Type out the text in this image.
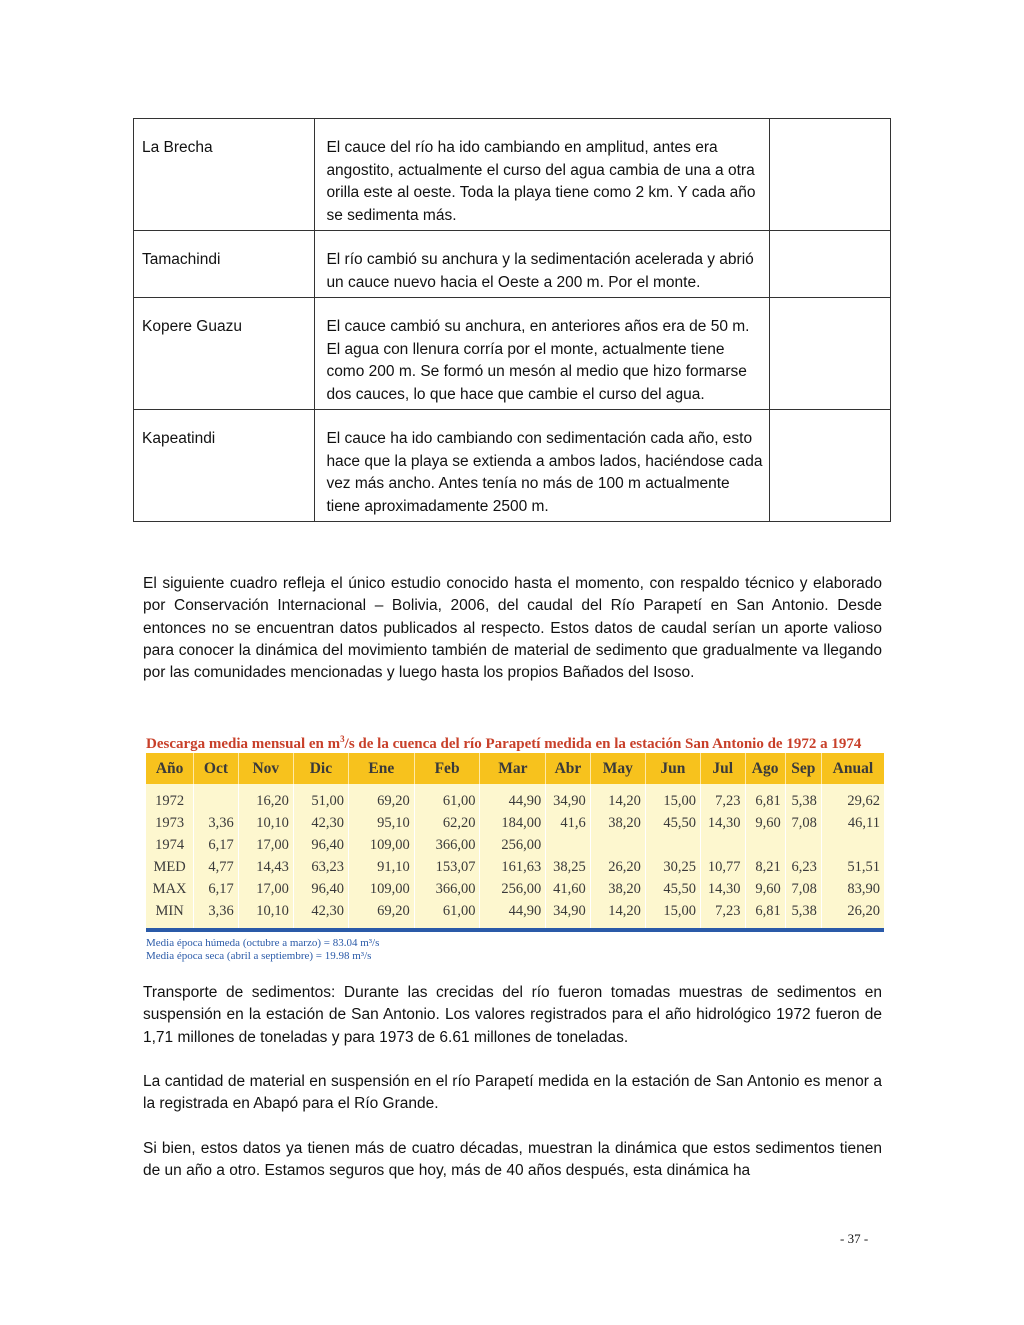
La Brecha	El cauce del río ha ido cambiando en amplitud, antes era angostito, actualmente el curso del agua cambia de una a otra orilla este al oeste. Toda la playa tiene como 2 km. Y cada año se sedimenta más.	
Tamachindi	El río cambió su anchura y la sedimentación acelerada y abrió un cauce nuevo hacia el Oeste a 200 m. Por el monte.	
Kopere Guazu	El cauce cambió su anchura, en anteriores años era de 50 m. El agua con llenura corría por el monte, actualmente tiene como 200 m. Se formó un mesón al medio que hizo formarse dos cauces, lo que hace que cambie el curso del agua.	
Kapeatindi	El cauce ha ido cambiando con sedimentación cada año, esto hace que la playa se extienda a ambos lados, haciéndose cada vez más ancho. Antes tenía no más de 100 m actualmente tiene aproximadamente 2500 m.	

El siguiente cuadro refleja el único estudio conocido hasta el momento, con respaldo técnico y elaborado por Conservación Internacional – Bolivia, 2006, del caudal del Río Parapetí en San Antonio. Desde entonces no se encuentran datos publicados al respecto. Estos datos de caudal serían un aporte valioso para conocer la dinámica del movimiento también de material de sedimento que gradualmente va llegando por las comunidades mencionadas y luego hasta los propios Bañados del Isoso.

Descarga media mensual en $m^3/s$ de la cuenca del río Parapetí medida en la estación San Antonio de 1972 a 1974
Año	Oct	Nov	Dic	Ene	Feb	Mar	Abr	May	Jun	Jul	Ago	Sep	Anual
1972		16,20	51,00	69,20	61,00	44,90	34,90	14,20	15,00	7,23	6,81	5,38	29,62
1973	3,36	10,10	42,30	95,10	62,20	184,00	41,6	38,20	45,50	14,30	9,60	7,08	46,11
1974	6,17	17,00	96,40	109,00	366,00	256,00							
MED	4,77	14,43	63,23	91,10	153,07	161,63	38,25	26,20	30,25	10,77	8,21	6,23	51,51
MAX	6,17	17,00	96,40	109,00	366,00	256,00	41,60	38,20	45,50	14,30	9,60	7,08	83,90
MIN	3,36	10,10	42,30	69,20	61,00	44,90	34,90	14,20	15,00	7,23	6,81	5,38	26,20
Media época húmeda (octubre a marzo) = 83.04 m³/s
Media época seca (abril a septiembre) = 19.98 m³/s

Transporte de sedimentos: Durante las crecidas del río fueron tomadas muestras de sedimentos en suspensión en la estación de San Antonio. Los valores registrados para el año hidrológico 1972 fueron de 1,71 millones de toneladas y para 1973 de 6.61 millones de toneladas.

La cantidad de material en suspensión en el río Parapetí medida en la estación de San Antonio es menor a la registrada en Abapó para el Río Grande.

Si bien, estos datos ya tienen más de cuatro décadas, muestran la dinámica que estos sedimentos tienen de un año a otro. Estamos seguros que hoy, más de 40 años después, esta dinámica ha

- 37 -
